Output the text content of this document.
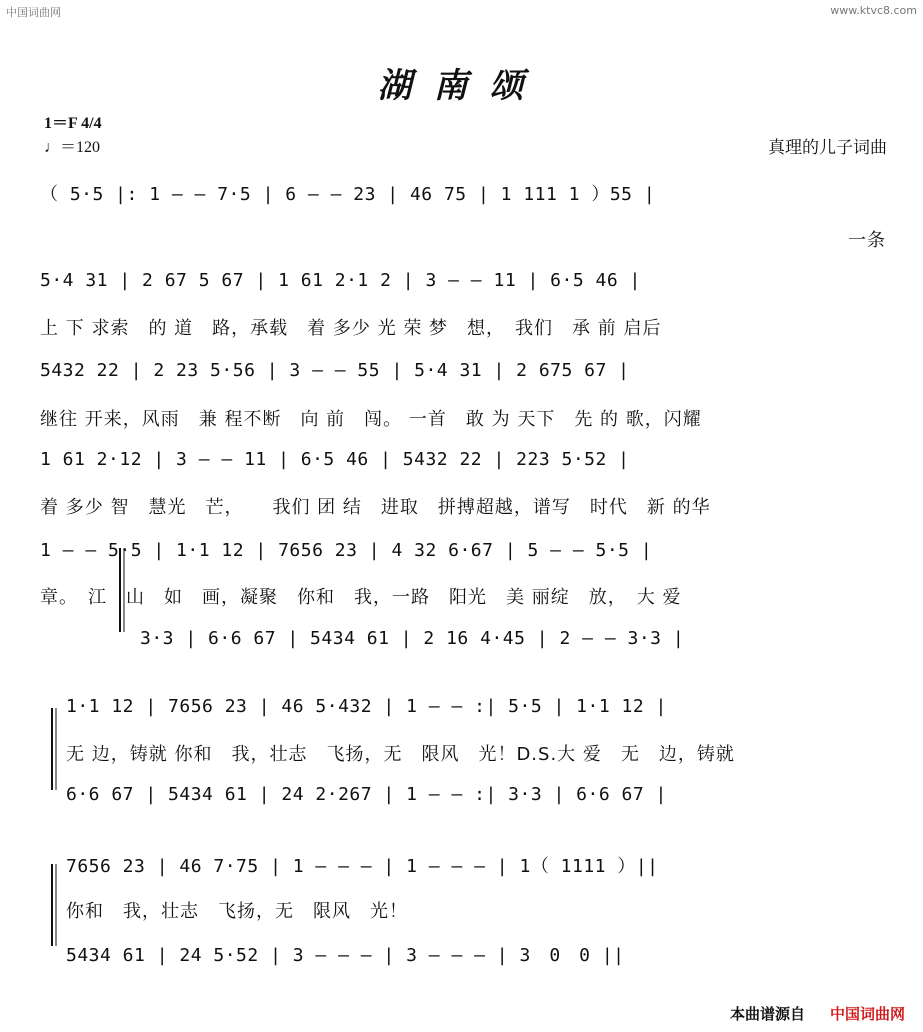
中国词曲网	www.ktvc8.com
湖南颂
1＝F 4/4
♩＝120	真理的儿子词曲
（ 5·5 |: 1 — — 7·5 | 6 — — 23 | 46 75 | 1 111 1 ）55 |
一条
5·4 31 | 2 67 5 67 | 1 61 2·1 2 | 3 — — 11 | 6·5 46 |
上 下 求索　的 道　路，承载　着 多少 光 荣 梦　想，　我们　承 前 启后
5432 22 | 2 23 5·56 | 3 — — 55 | 5·4 31 | 2 675 67 |
继往 开来，风雨　兼 程不断　向 前　闯。 一首　敢 为 天下　先 的 歌，闪耀
1 61 2·12 | 3 — — 11 | 6·5 46 | 5432 22 | 223 5·52 |
着 多少 智　慧光　芒，　　我们 团 结　进取　拼搏超越，谱写　时代　新 的华
1 — — 5·5 | 1·1 12 | 7656 23 | 4 32 6·67 | 5 — — 5·5 |
章。　江　山　如　画，凝聚　你和　我，一路　阳光　美 丽绽　放，　大 爱
3·3 | 6·6 67 | 5434 61 | 2 16 4·45 | 2 — — 3·3 |
1·1 12 | 7656 23 | 46 5·432 | 1 — — :| 5·5 | 1·1 12 |
无 边，铸就 你和　我，壮志　飞扬，无　限风　光！D.S.大 爱　无　边，铸就
6·6 67 | 5434 61 | 24 2·267 | 1 — — :| 3·3 | 6·6 67 |
7656 23 | 46 7·75 | 1 — — — | 1 — — — | 1（ 1111 ）||
你和　我，壮志　飞扬，无　限风　光！
5434 61 | 24 5·52 | 3 — — — | 3 — — — | 3　0　0 ||
本曲谱源自 中国词曲网
